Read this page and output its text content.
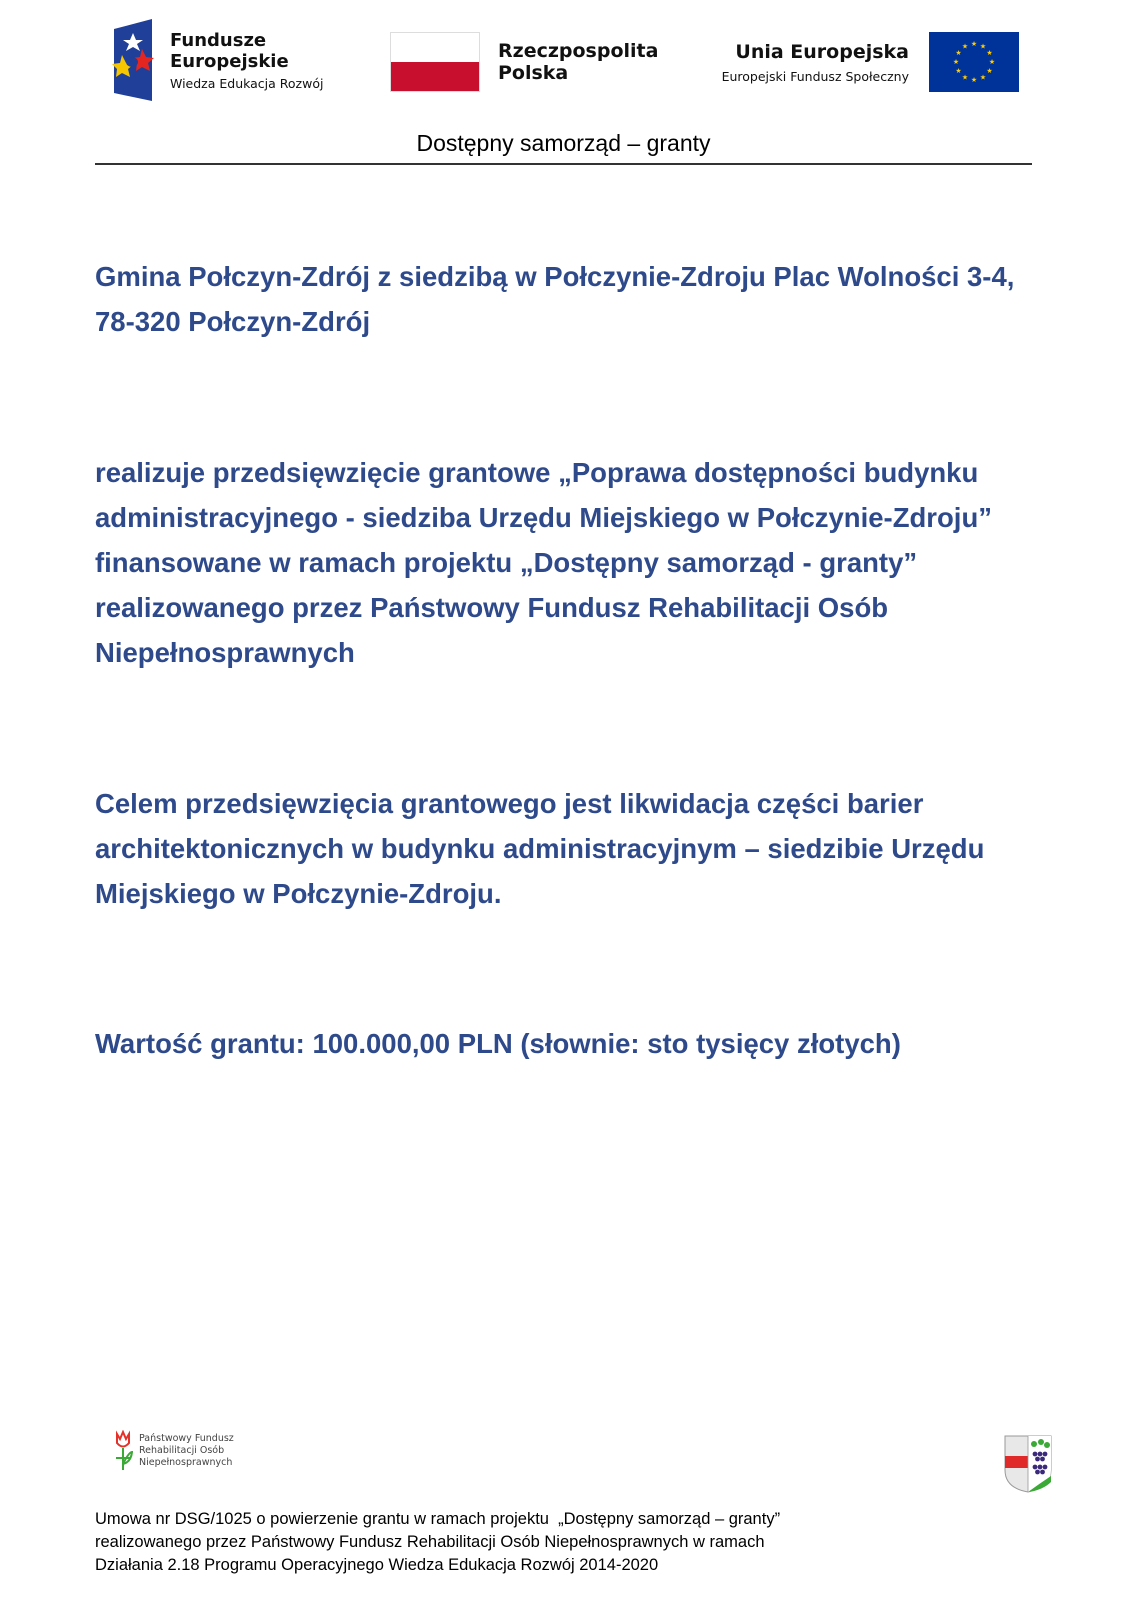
Fundusze
Europejskie
Wiedza Edukacja Rozwój
Rzeczpospolita
Polska
Unia Europejska
Europejski Fundusz Społeczny
★ ★
★
★
★
★
★
★
★
★
★
★
Dostępny samorząd – granty
Gmina Połczyn-Zdrój z siedzibą w Połczynie-Zdroju Plac Wolności 3-4,
78-320 Połczyn-Zdrój
realizuje przedsięwzięcie grantowe „Poprawa dostępności budynku
administracyjnego - siedziba Urzędu Miejskiego w Połczynie-Zdroju”
finansowane w ramach projektu „Dostępny samorząd - granty”
realizowanego przez Państwowy Fundusz Rehabilitacji Osób
Niepełnosprawnych
Celem przedsięwzięcia grantowego jest likwidacja części barier
architektonicznych w budynku administracyjnym – siedzibie Urzędu
Miejskiego w Połczynie-Zdroju.
Wartość grantu: 100.000,00 PLN (słownie: sto tysięcy złotych)
Państwowy Fundusz
Rehabilitacji Osób
Niepełnosprawnych
Umowa nr DSG/1025 o powierzenie grantu w ramach projektu  „Dostępny samorząd – granty”
realizowanego przez Państwowy Fundusz Rehabilitacji Osób Niepełnosprawnych w ramach
Działania 2.18 Programu Operacyjnego Wiedza Edukacja Rozwój 2014-2020
